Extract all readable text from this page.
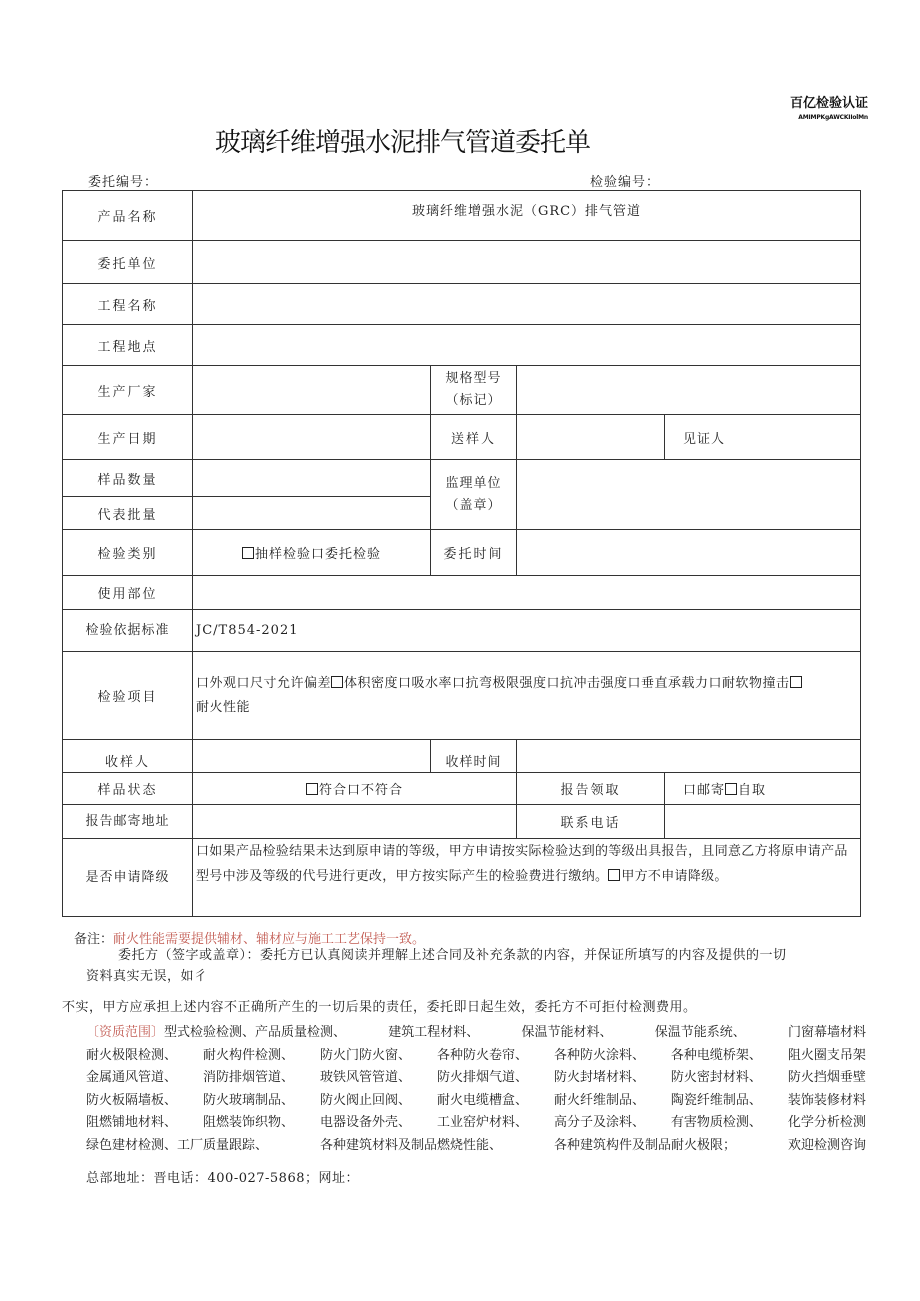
百亿检验认证
AMIMPKgAWCKIIolMn
玻璃纤维增强水泥排气管道委托单
委托编号：	检验编号：
产品名称	玻璃纤维增强水泥（GRC）排气管道			
委托单位				
工程名称				
工程地点				
生产厂家		规格型号
（标记）		

生产日期		送样人		见证人
样品数量		监理单位
（盖章）		

代表批量				
检验类别	抽样检验口委托检验	委托时间		
使用部位				
检验依据标准	JC/T854-2021			
检验项目	口外观口尺寸允许偏差 体积密度口吸水率口抗弯极限强度口抗冲击强度口垂直承载力口耐软物撞击
耐火性能			
收样人		收样时间		
样品状态	符合口不符合		报告领取	口邮寄 自取
报告邮寄地址			联系电话	
是否申请降级	口如果产品检验结果未达到原申请的等级，甲方申请按实际检验达到的等级出具报告，且同意乙方将原申请产品型号中涉及等级的代号进行更改，甲方按实际产生的检验费进行缴纳。 甲方不申请降级。			
备注：耐火性能需要提供辅材、辅材应与施工工艺保持一致。
委托方（签字或盖章）：委托方已认真阅读并理解上述合同及补充条款的内容，并保证所填写的内容及提供的一切
资料真实无误，如彳
不实，甲方应承担上述内容不正确所产生的一切后果的责任，委托即日起生效，委托方不可拒付检测费用。
〔资质范围〕型式检验检测、产品质量检测、	建筑工程材料、	保温节能材料、	保温节能系统、	门窗幕墙材料
耐火极限检测、 耐火构件检测、 防火门防火窗、 各种防火卷帘、 各种防火涂料、 各种电缆桥架、 阻火圈支吊架
金属通风管道、 消防排烟管道、 玻铁风管管道、 防火排烟气道、 防火封堵材料、 防火密封材料、 防火挡烟垂壁
防火板隔墙板、 防火玻璃制品、 防火阀止回阀、 耐火电缆槽盒、 耐火纤维制品、 陶瓷纤维制品、 装饰装修材料
阻燃铺地材料、 阻燃装饰织物、 电器设备外壳、 工业窑炉材料、 高分子及涂料、 有害物质检测、 化学分析检测
绿色建材检测、工厂质量跟踪、	各种建筑材料及制品燃烧性能、	各种建筑构件及制品耐火极限；	欢迎检测咨询
总部地址：晋电话：400-027-5868；网址：
